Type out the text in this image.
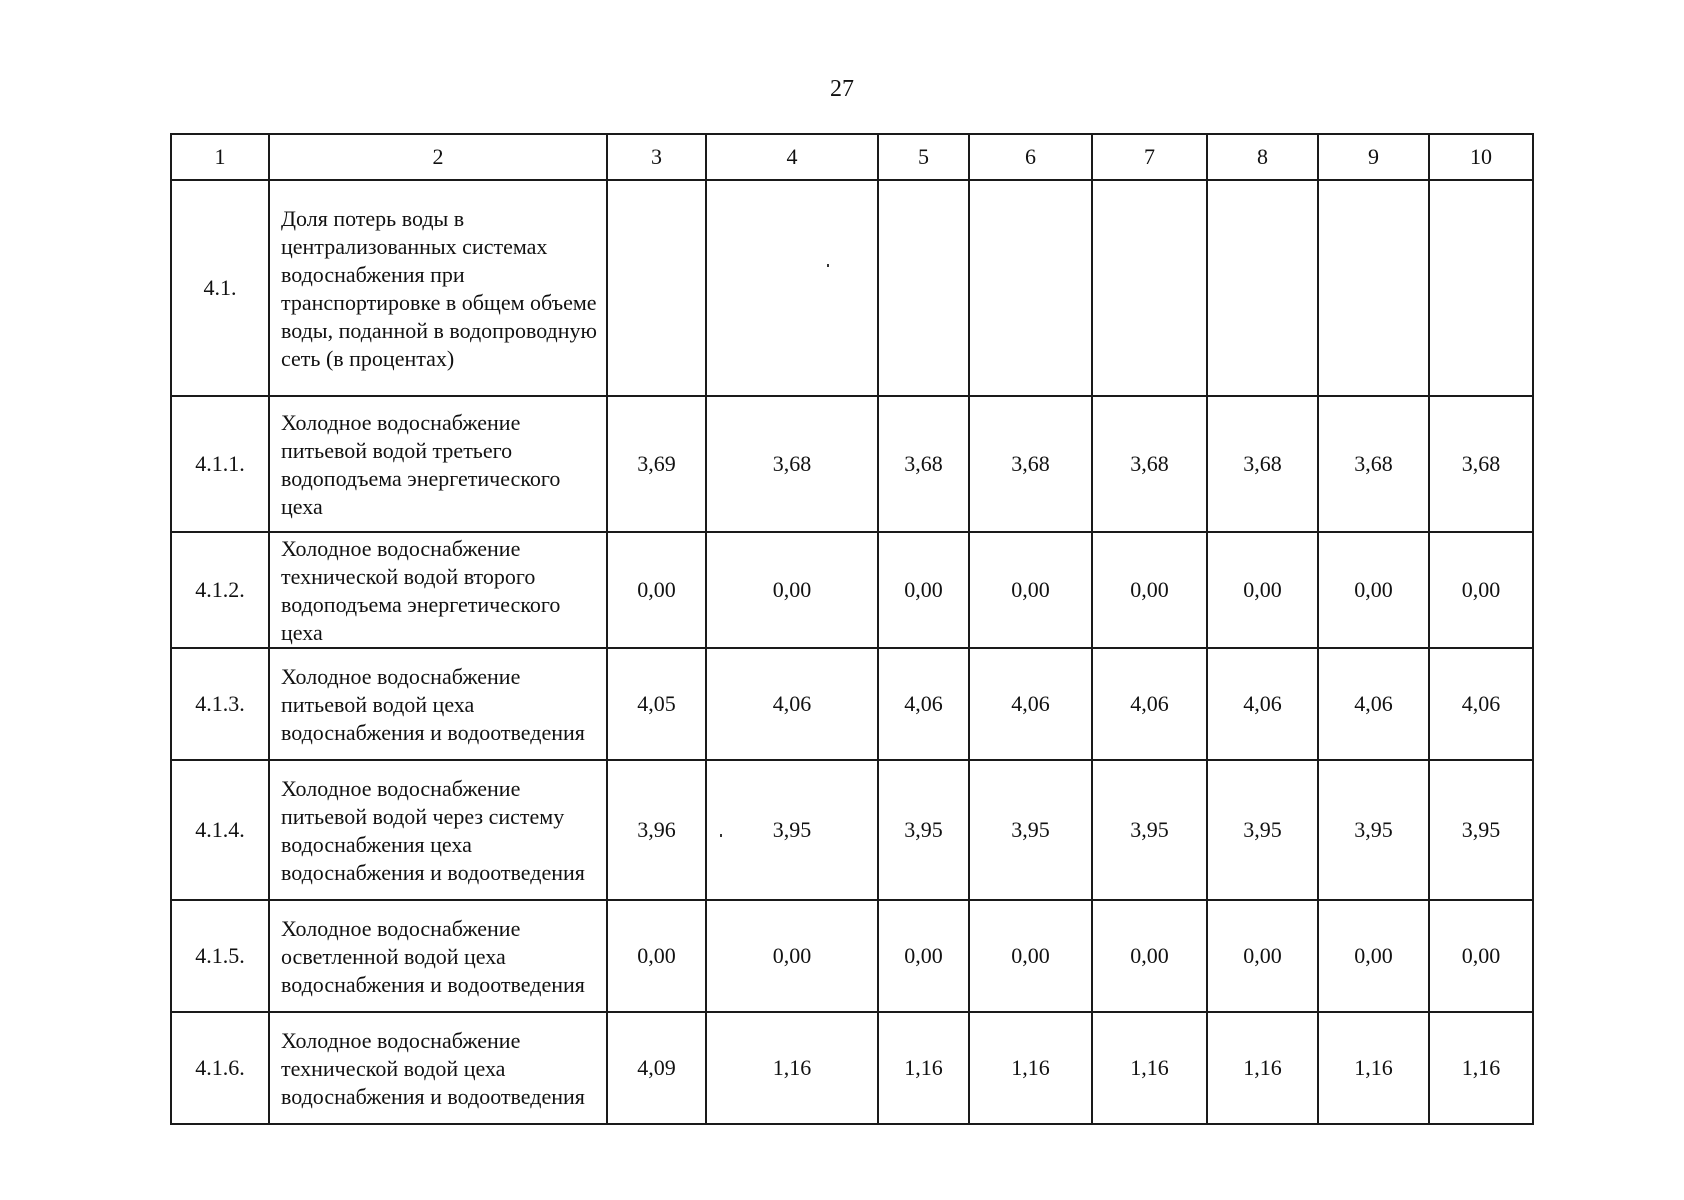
27
1	2	3	4	5	6	7	8	9	10
4.1.	Доля потерь воды в централизованных системах водоснабжения при транспортировке в общем объеме воды, поданной в водопроводную сеть (в процентах)								
4.1.1.	Холодное водоснабжение питьевой водой третьего водоподъема энергетического цеха	3,69	3,68	3,68	3,68	3,68	3,68	3,68	3,68
4.1.2.	Холодное водоснабжение технической водой второго водоподъема энергетического цеха	0,00	0,00	0,00	0,00	0,00	0,00	0,00	0,00
4.1.3.	Холодное водоснабжение питьевой водой цеха водоснабжения и водоотведения	4,05	4,06	4,06	4,06	4,06	4,06	4,06	4,06
4.1.4.	Холодное водоснабжение питьевой водой через систему водоснабжения цеха водоснабжения и водоотведения	3,96	3,95	3,95	3,95	3,95	3,95	3,95	3,95
4.1.5.	Холодное водоснабжение осветленной водой цеха водоснабжения и водоотведения	0,00	0,00	0,00	0,00	0,00	0,00	0,00	0,00
4.1.6.	Холодное водоснабжение технической водой цеха водоснабжения и водоотведения	4,09	1,16	1,16	1,16	1,16	1,16	1,16	1,16
